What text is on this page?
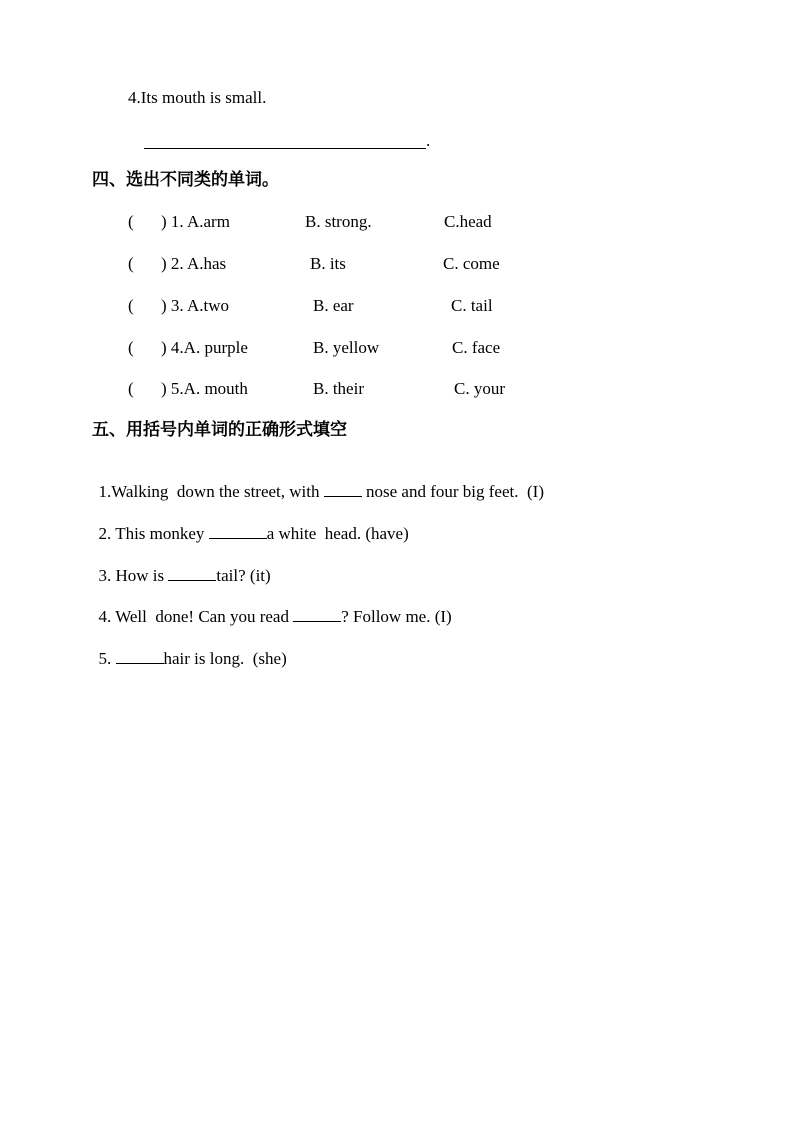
4.Its mouth is small.
.
四、选出不同类的单词。
( ) 1. A.arm	B. strong.	C.head
( ) 2. A.has	B. its	C. come
( ) 3. A.two	B. ear	C. tail
( ) 4.A. purple	B. yellow	C. face
( ) 5.A. mouth	B. their	C. your
五、用括号内单词的正确形式填空

1.Walking  down the street, with  nose and four big feet.  (I)

2. This monkey	a white  head. (have)

3. How is	tail? (it)

4. Well  done! Can you read	? Follow me. (I)

5.	hair is long.  (she)
